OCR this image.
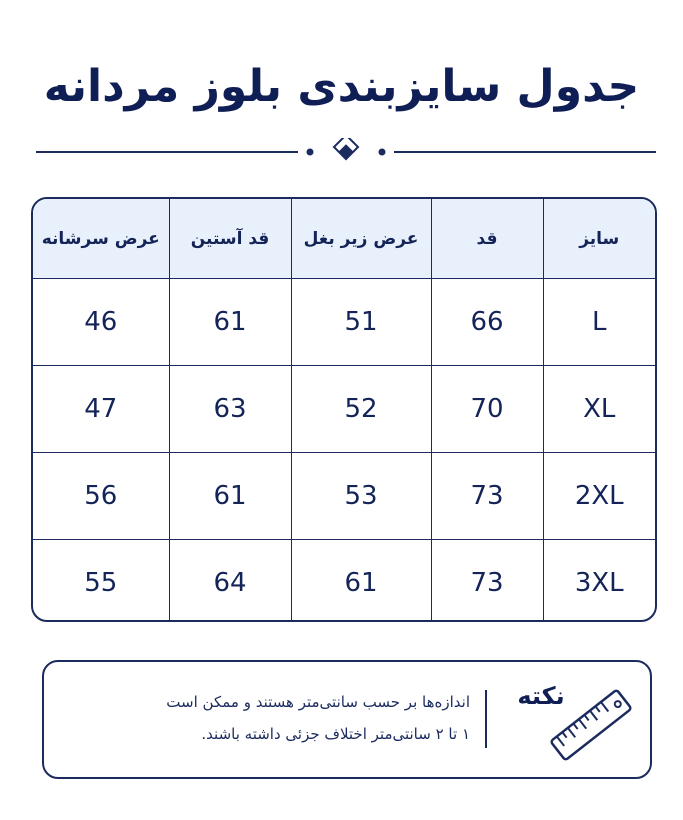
جدول سایزبندی بلوز مردانه
سایز	قد	عرض زیر بغل	قد آستین	عرض سرشانه
L	66	51	61	46
XL	70	52	63	47
2XL	73	53	61	56
3XL	73	61	64	55
نکته
اندازه‌ها بر حسب سانتی‌متر هستند و ممکن است
۱ تا ۲ سانتی‌متر اختلاف جزئی داشته باشند.
